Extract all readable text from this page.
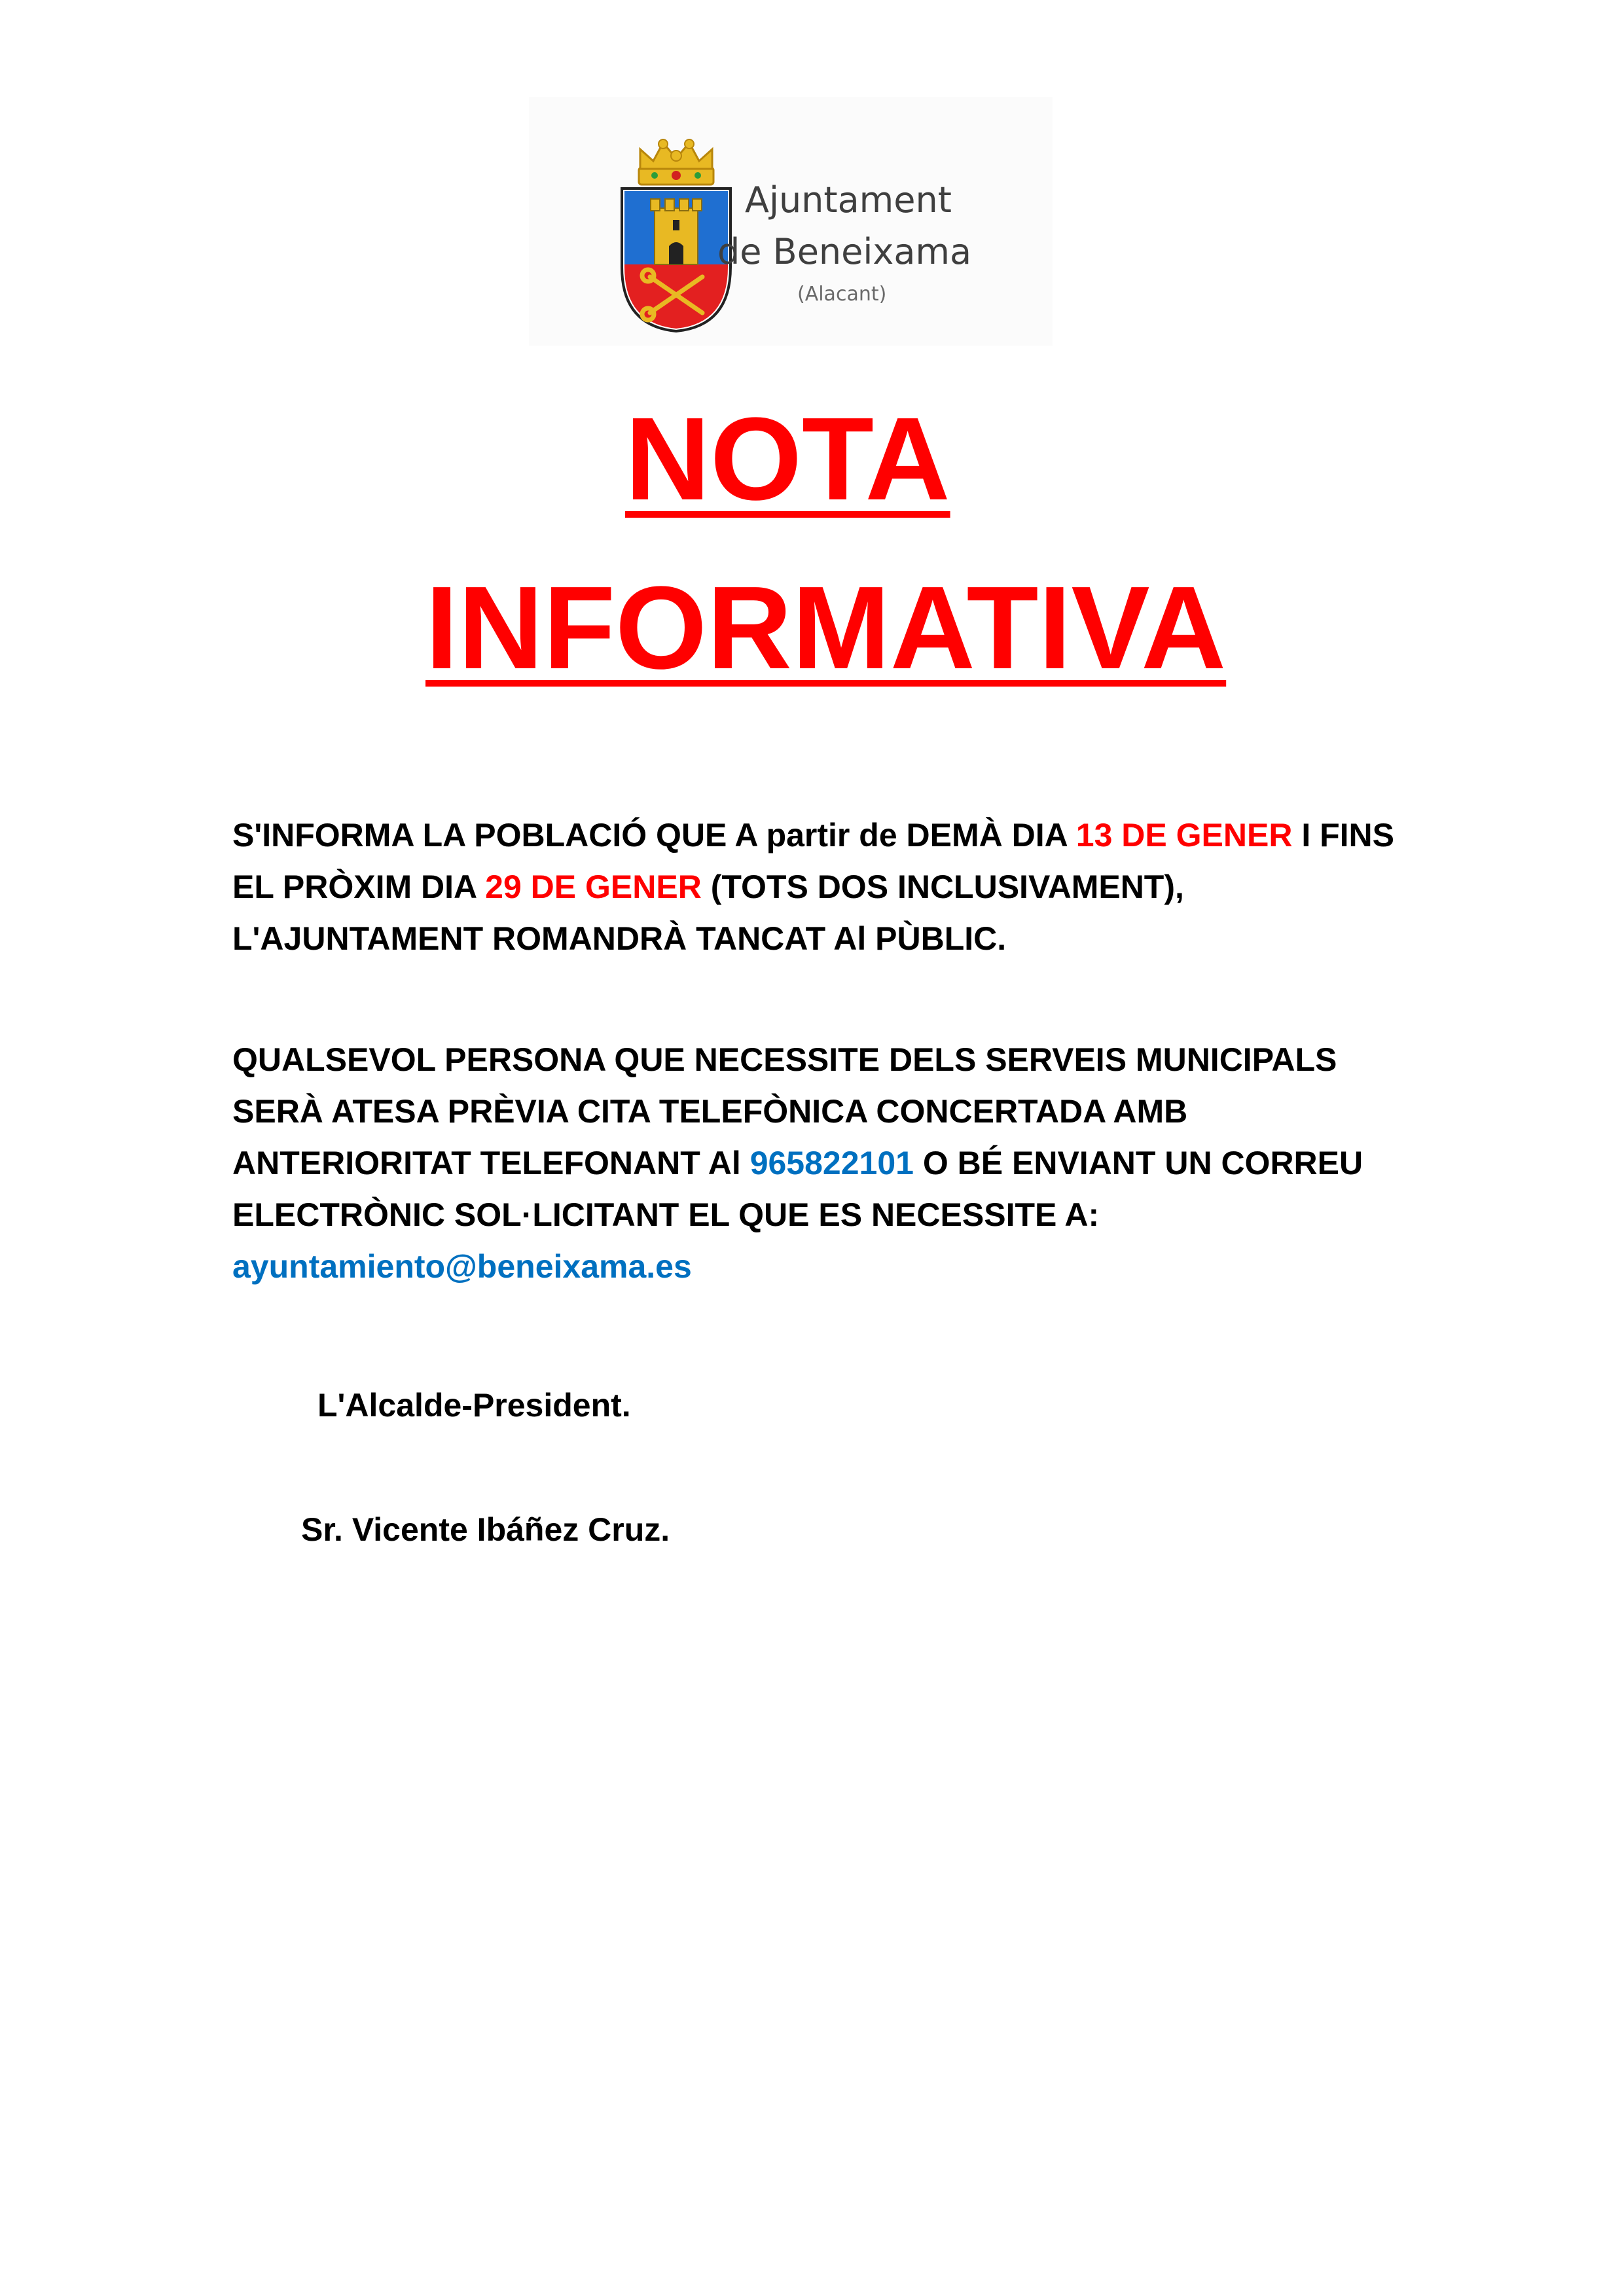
Ajuntament
de Beneixama
(Alacant)
NOTA
INFORMATIVA
S'INFORMA LA POBLACIÓ QUE A partir de DEMÀ DIA 13 DE GENER I FINS EL PRÒXIM DIA 29 DE GENER (TOTS DOS INCLUSIVAMENT), L'AJUNTAMENT ROMANDRÀ TANCAT Al PÙBLIC.
QUALSEVOL PERSONA QUE NECESSITE DELS SERVEIS MUNICIPALS SERÀ ATESA PRÈVIA CITA TELEFÒNICA CONCERTADA AMB ANTERIORITAT TELEFONANT Al 965822101 O BÉ ENVIANT UN CORREU ELECTRÒNIC SOL·LICITANT EL QUE ES NECESSITE A:   ayuntamiento@beneixama.es
L'Alcalde-President.
Sr. Vicente Ibáñez Cruz.
